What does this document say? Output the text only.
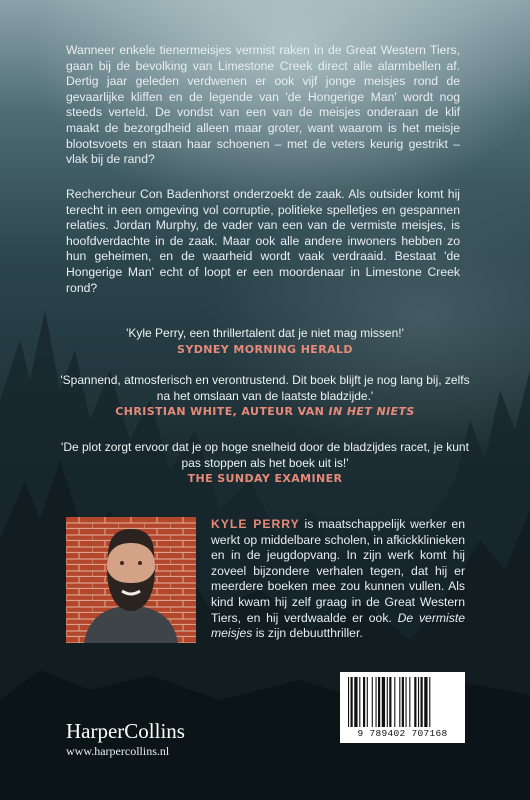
Wanneer enkele tienermeisjes vermist raken in de Great Western Tiers, gaan bij de bevolking van Limestone Creek direct alle alarmbellen af. Dertig jaar geleden verdwenen er ook vijf jonge meisjes rond de gevaarlijke kliffen en de legende van 'de Hongerige Man' wordt nog steeds verteld. De vondst van een van de meisjes onderaan de klif maakt de bezorgdheid alleen maar groter, want waarom is het meisje blootsvoets en staan haar schoenen – met de veters keurig gestrikt – vlak bij de rand?

Rechercheur Con Badenhorst onderzoekt de zaak. Als outsider komt hij terecht in een omgeving vol corruptie, politieke spelletjes en gespannen relaties. Jordan Murphy, de vader van een van de vermiste meisjes, is hoofdverdachte in de zaak. Maar ook alle andere inwoners hebben zo hun geheimen, en de waarheid wordt vaak verdraaid. Bestaat 'de Hongerige Man' echt of loopt er een moordenaar in Limestone Creek rond?

'Kyle Perry, een thrillertalent dat je niet mag missen!'

SYDNEY MORNING HERALD

'Spannend, atmosferisch en verontrustend. Dit boek blijft je nog lang bij, zelfs na het omslaan van de laatste bladzijde.'

CHRISTIAN WHITE, AUTEUR VAN IN HET NIETS

'De plot zorgt ervoor dat je op hoge snelheid door de bladzijdes racet, je kunt pas stoppen als het boek uit is!'

THE SUNDAY EXAMINER

KYLE PERRY is maatschappelijk werker en werkt op middelbare scholen, in afkickklinieken en in de jeugdopvang. In zijn werk komt hij zoveel bijzondere verhalen tegen, dat hij er meerdere boeken mee zou kunnen vullen. Als kind kwam hij zelf graag in de Great Western Tiers, en hij verdwaalde er ook. De vermiste meisjes is zijn debuutthriller.

HarperCollins
www.harpercollins.nl
9 789402 707168
